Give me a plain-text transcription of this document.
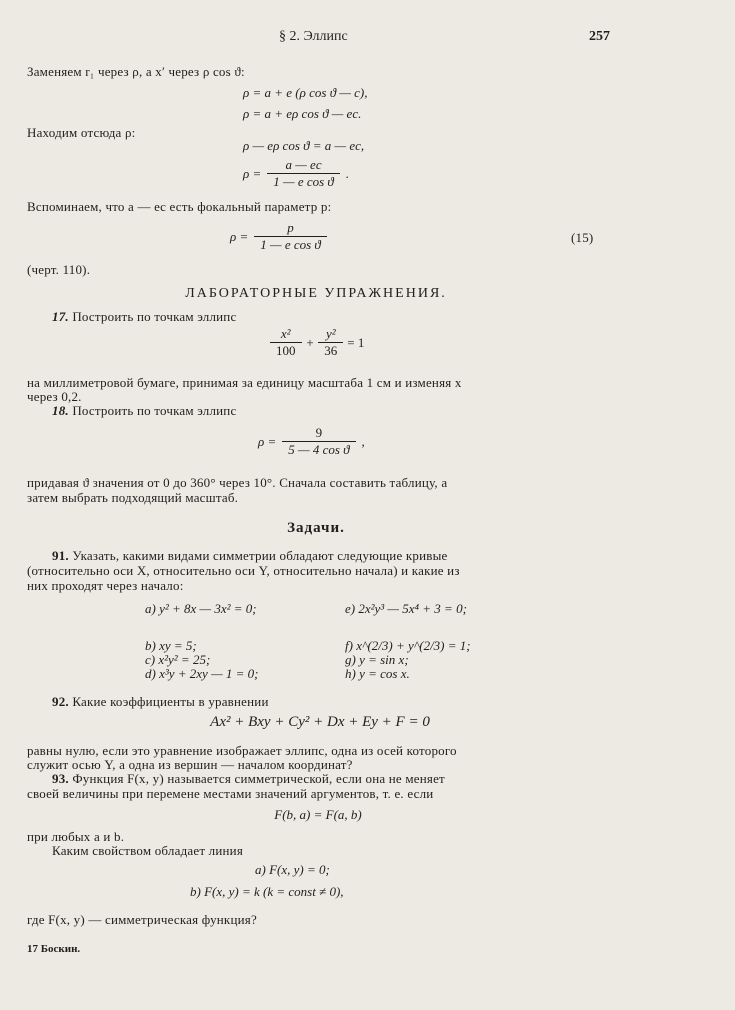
§ 2. Эллипс	257
Заменяем r₁ через ρ, а x′ через ρ cos ϑ:
ρ = a + e (ρ cos ϑ — c),
ρ = a + eρ cos ϑ — ec.
Находим отсюда ρ:
ρ — eρ cos ϑ = a — ec,
$\rho = \frac{a — ec}{\text{1 — e cos ϑ}}$ .
Вспоминаем, что a — ec есть фокальный параметр p:
$\rho = \frac{p}{\text{1 — e cos ϑ}}$	(15)
(черт. 110).
ЛАБОРАТОРНЫЕ УПРАЖНЕНИЯ.
17. Построить по точкам эллипс
$\frac{\text{x²}}{100} + \frac{\text{y²}}{36} = 1$
на миллиметровой бумаге, принимая за единицу масштаба 1 см и изменяя x
через 0,2.
18. Построить по точкам эллипс
$\rho = \frac{9}{\text{5 — 4 cos ϑ}}$ ,
придавая ϑ значения от 0 до 360° через 10°. Сначала составить таблицу, а
затем выбрать подходящий масштаб.
Задачи.
91. Указать, какими видами симметрии обладают следующие кривые
(относительно оси X, относительно оси Y, относительно начала) и какие из
них проходят через начало:
a) y² + 8x — 3x² = 0;	e) 2x²y³ — 5x⁴ + 3 = 0;
b) xy = 5;	f) x^(2/3) + y^(2/3) = 1;
c) x²y² = 25;	g) y = sin x;
d) x³y + 2xy — 1 = 0;	h) y = cos x.
92. Какие коэффициенты в уравнении
Ax² + Bxy + Cy² + Dx + Ey + F = 0
равны нулю, если это уравнение изображает эллипс, одна из осей которого
служит осью Y, а одна из вершин — началом координат?
93. Функция F(x, y) называется симметрической, если она не меняет
своей величины при перемене местами значений аргументов, т. е. если
F(b, a) = F(a, b)
при любых a и b.
Каким свойством обладает линия
a) F(x, y) = 0;
b) F(x, y) = k (k = const ≠ 0),
где F(x, y) — симметрическая функция?
17 Боскин.
